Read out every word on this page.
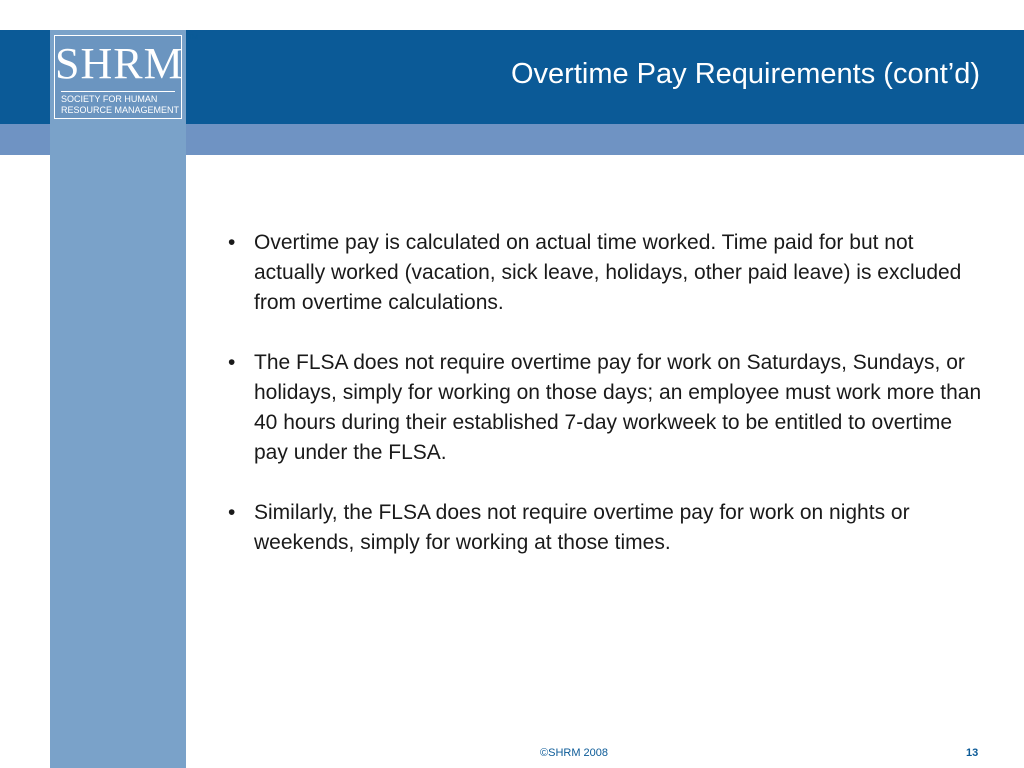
SHRM
SOCIETY FOR HUMAN RESOURCE MANAGEMENT
TM
Overtime Pay Requirements (cont’d)
• Overtime pay is calculated on actual time worked. Time paid for but not actually worked (vacation, sick leave, holidays, other paid leave) is excluded from overtime calculations.
• The FLSA does not require overtime pay for work on Saturdays, Sundays, or holidays, simply for working on those days; an employee must work more than 40 hours during their established 7-day workweek to be entitled to overtime pay under the FLSA.
• Similarly, the FLSA does not require overtime pay for work on nights or weekends, simply for working at those times.
©SHRM 2008	13
